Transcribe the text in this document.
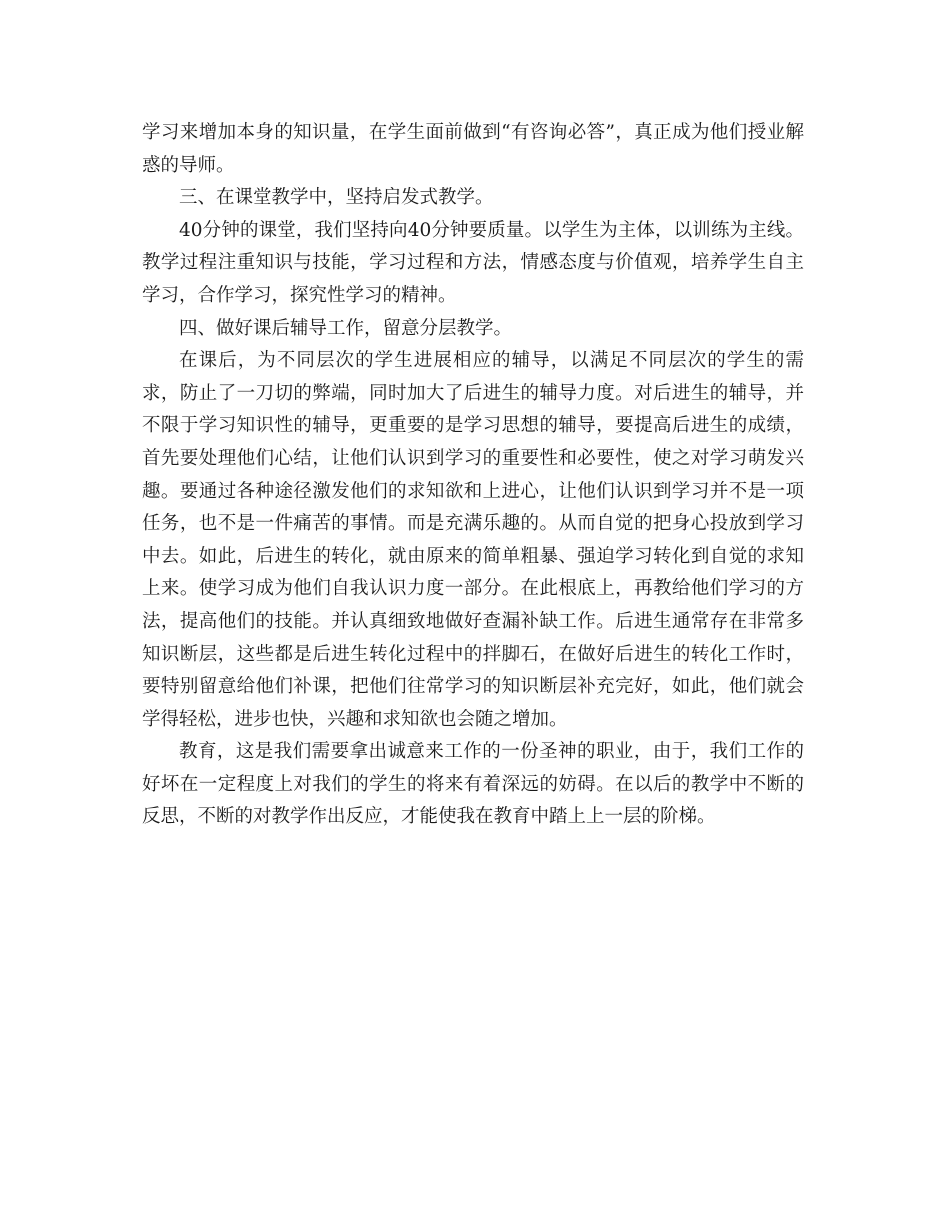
学习来增加本身的知识量，在学生面前做到“有咨询必答”，真正成为他们授业解惑的导师。

三、在课堂教学中，坚持启发式教学。

40分钟的课堂，我们坚持向40分钟要质量。以学生为主体，以训练为主线。教学过程注重知识与技能，学习过程和方法，情感态度与价值观，培养学生自主学习，合作学习，探究性学习的精神。

四、做好课后辅导工作，留意分层教学。

在课后，为不同层次的学生进展相应的辅导，以满足不同层次的学生的需求，防止了一刀切的弊端，同时加大了后进生的辅导力度。对后进生的辅导，并不限于学习知识性的辅导，更重要的是学习思想的辅导，要提高后进生的成绩，首先要处理他们心结，让他们认识到学习的重要性和必要性，使之对学习萌发兴趣。要通过各种途径激发他们的求知欲和上进心，让他们认识到学习并不是一项任务，也不是一件痛苦的事情。而是充满乐趣的。从而自觉的把身心投放到学习中去。如此，后进生的转化，就由原来的简单粗暴、强迫学习转化到自觉的求知上来。使学习成为他们自我认识力度一部分。在此根底上，再教给他们学习的方法，提高他们的技能。并认真细致地做好查漏补缺工作。后进生通常存在非常多知识断层，这些都是后进生转化过程中的拌脚石，在做好后进生的转化工作时，要特别留意给他们补课，把他们往常学习的知识断层补充完好，如此，他们就会学得轻松，进步也快，兴趣和求知欲也会随之增加。

教育，这是我们需要拿出诚意来工作的一份圣神的职业，由于，我们工作的好坏在一定程度上对我们的学生的将来有着深远的妨碍。在以后的教学中不断的反思，不断的对教学作出反应，才能使我在教育中踏上上一层的阶梯。
